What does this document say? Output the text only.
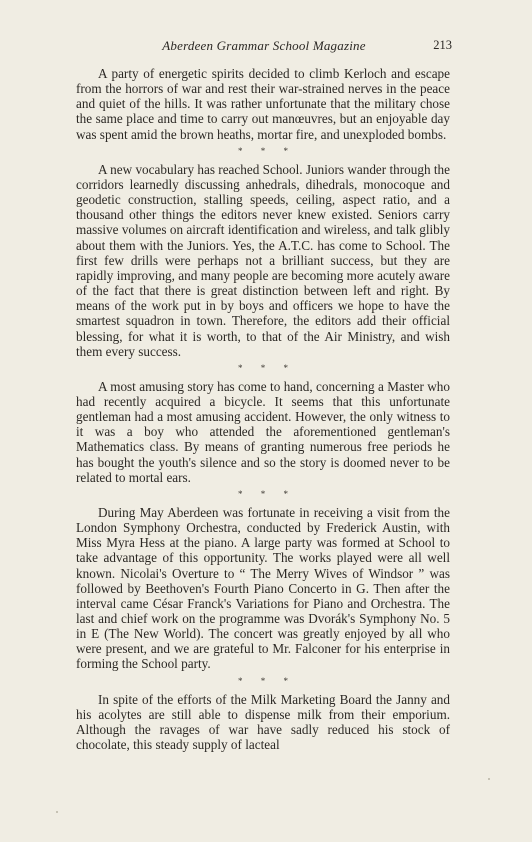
Aberdeen Grammar School Magazine	213

A party of energetic spirits decided to climb Kerloch and escape from the horrors of war and rest their war-strained nerves in the peace and quiet of the hills. It was rather unfortunate that the military chose the same place and time to carry out manœuvres, but an enjoyable day was spent amid the brown heaths, mortar fire, and unexploded bombs.

* * *

A new vocabulary has reached School. Juniors wander through the corridors learnedly discussing anhedrals, dihedrals, monocoque and geodetic construction, stalling speeds, ceiling, aspect ratio, and a thousand other things the editors never knew existed. Seniors carry massive volumes on aircraft identification and wireless, and talk glibly about them with the Juniors. Yes, the A.T.C. has come to School. The first few drills were perhaps not a brilliant success, but they are rapidly improving, and many people are becoming more acutely aware of the fact that there is great distinction between left and right. By means of the work put in by boys and officers we hope to have the smartest squadron in town. Therefore, the editors add their official blessing, for what it is worth, to that of the Air Ministry, and wish them every success.

* * *

A most amusing story has come to hand, concerning a Master who had recently acquired a bicycle. It seems that this unfortunate gentleman had a most amusing accident. However, the only witness to it was a boy who attended the aforementioned gentleman's Mathematics class. By means of granting numerous free periods he has bought the youth's silence and so the story is doomed never to be related to mortal ears.

* * *

During May Aberdeen was fortunate in receiving a visit from the London Symphony Orchestra, conducted by Frederick Austin, with Miss Myra Hess at the piano. A large party was formed at School to take advantage of this opportunity. The works played were all well known. Nicolai's Overture to “ The Merry Wives of Windsor ” was followed by Beethoven's Fourth Piano Concerto in G. Then after the interval came César Franck's Variations for Piano and Orchestra. The last and chief work on the programme was Dvorák's Symphony No. 5 in E (The New World). The concert was greatly enjoyed by all who were present, and we are grateful to Mr. Falconer for his enterprise in forming the School party.

* * *

In spite of the efforts of the Milk Marketing Board the Janny and his acolytes are still able to dispense milk from their emporium. Although the ravages of war have sadly reduced his stock of chocolate, this steady supply of lacteal
